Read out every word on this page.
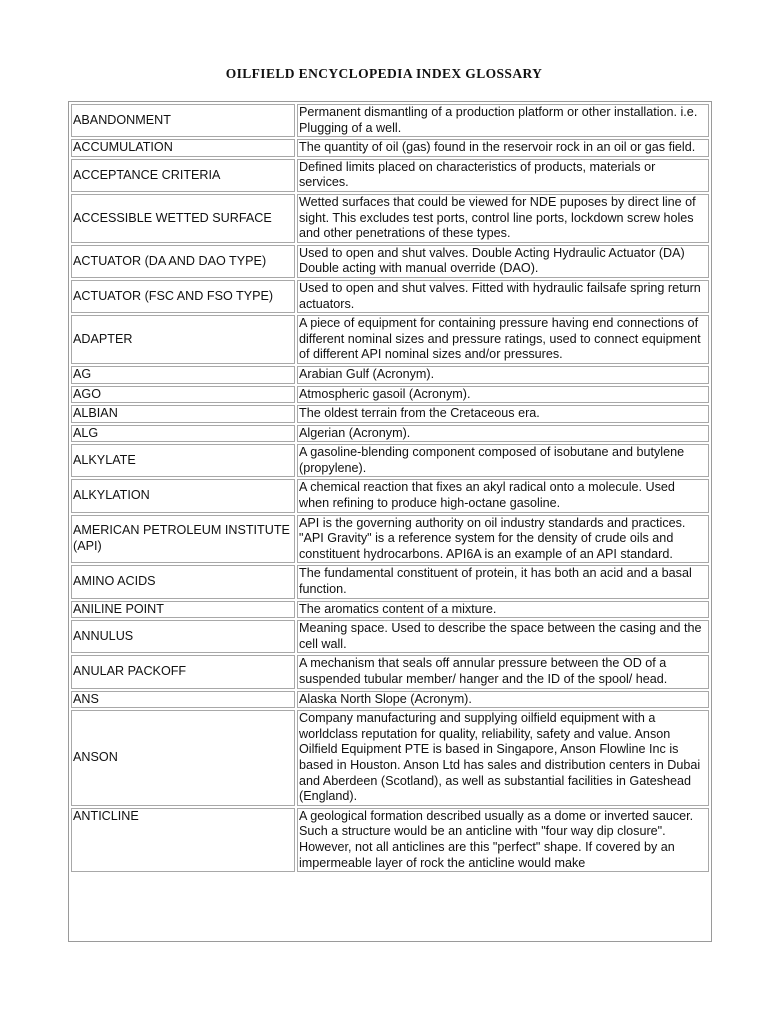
OILFIELD ENCYCLOPEDIA INDEX GLOSSARY
ABANDONMENT	Permanent dismantling of a production platform or other installation. i.e. Plugging of a well.
ACCUMULATION	The quantity of oil (gas) found in the reservoir rock in an oil or gas field.
ACCEPTANCE CRITERIA	Defined limits placed on characteristics of products, materials or services.
ACCESSIBLE WETTED SURFACE	Wetted surfaces that could be viewed for NDE puposes by direct line of sight. This excludes test ports, control line ports, lockdown screw holes and other penetrations of these types.
ACTUATOR (DA AND DAO TYPE)	Used to open and shut valves. Double Acting Hydraulic Actuator (DA) Double acting with manual override (DAO).
ACTUATOR (FSC AND FSO TYPE)	Used to open and shut valves. Fitted with hydraulic failsafe spring return actuators.
ADAPTER	A piece of equipment for containing pressure having end connections of different nominal sizes and pressure ratings, used to connect equipment of different API nominal sizes and/or pressures.
AG	Arabian Gulf (Acronym).
AGO	Atmospheric gasoil (Acronym).
ALBIAN	The oldest terrain from the Cretaceous era.
ALG	Algerian (Acronym).
ALKYLATE	A gasoline-blending component composed of isobutane and butylene (propylene).
ALKYLATION	A chemical reaction that fixes an akyl radical onto a molecule. Used when refining to produce high-octane gasoline.
AMERICAN PETROLEUM INSTITUTE (API)	API is the governing authority on oil industry standards and practices. "API Gravity" is a reference system for the density of crude oils and constituent hydrocarbons. API6A is an example of an API standard.
AMINO ACIDS	The fundamental constituent of protein, it has both an acid and a basal function.
ANILINE POINT	The aromatics content of a mixture.
ANNULUS	Meaning space. Used to describe the space between the casing and the cell wall.
ANULAR PACKOFF	A mechanism that seals off annular pressure between the OD of a suspended tubular member/ hanger and the ID of the spool/ head.
ANS	Alaska North Slope (Acronym).
ANSON	Company manufacturing and supplying oilfield equipment with a worldclass reputation for quality, reliability, safety and value. Anson Oilfield Equipment PTE is based in Singapore, Anson Flowline Inc is based in Houston. Anson Ltd has sales and distribution centers in Dubai and Aberdeen (Scotland), as well as substantial facilities in Gateshead (England).
ANTICLINE	A geological formation described usually as a dome or inverted saucer. Such a structure would be an anticline with "four way dip closure". However, not all anticlines are this "perfect" shape. If covered by an impermeable layer of rock the anticline would make
